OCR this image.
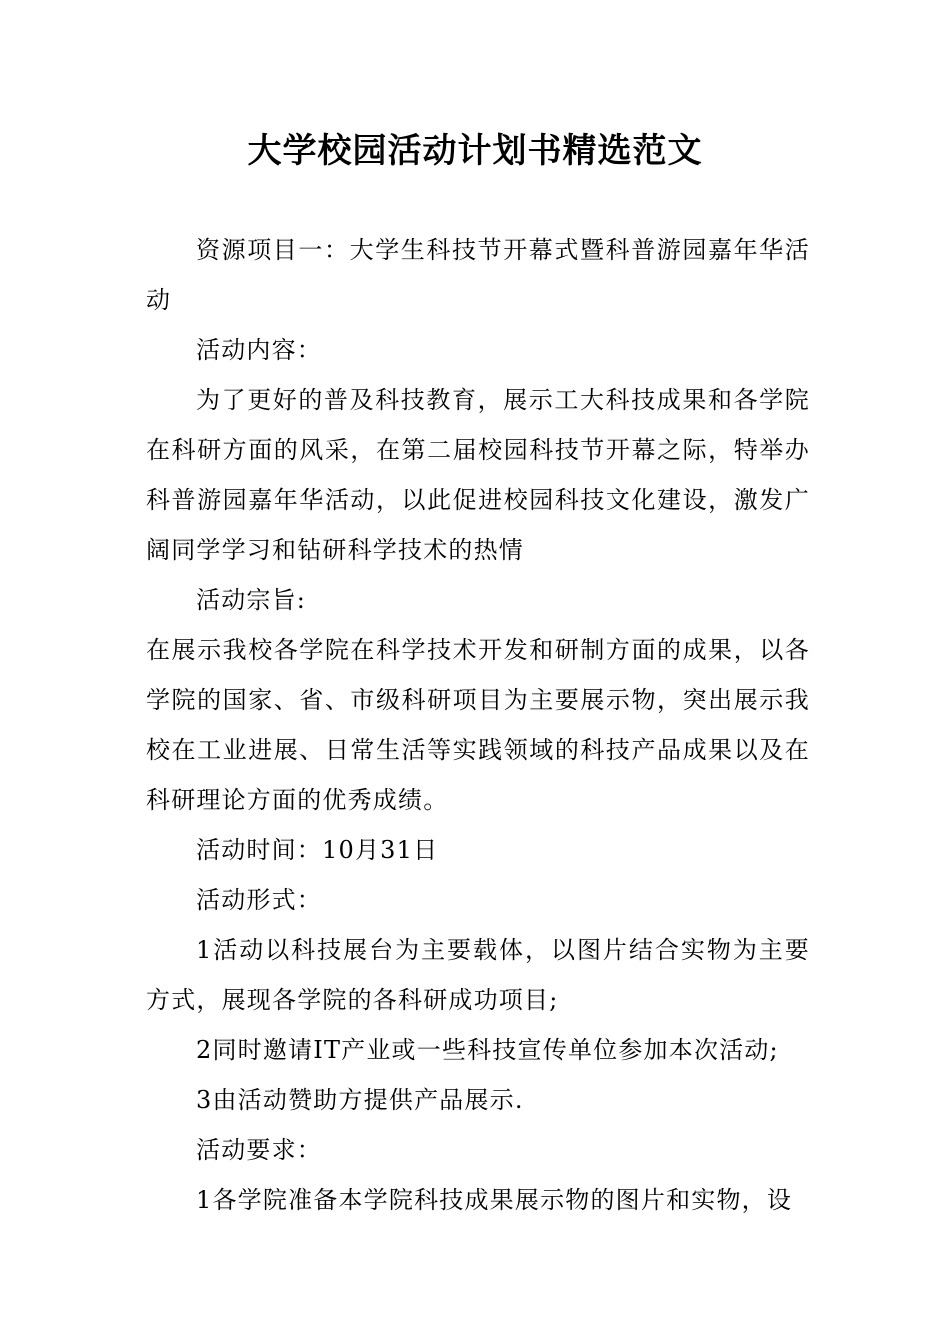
大学校园活动计划书精选范文

资源项目一：大学生科技节开幕式暨科普游园嘉年华活动

活动内容：

为了更好的普及科技教育，展示工大科技成果和各学院在科研方面的风采，在第二届校园科技节开幕之际，特举办科普游园嘉年华活动，以此促进校园科技文化建设，激发广阔同学学习和钻研科学技术的热情

活动宗旨:

在展示我校各学院在科学技术开发和研制方面的成果，以各学院的国家、省、市级科研项目为主要展示物，突出展示我校在工业进展、日常生活等实践领域的科技产品成果以及在科研理论方面的优秀成绩。

活动时间：10月31日

活动形式：

1活动以科技展台为主要载体，以图片结合实物为主要方式，展现各学院的各科研成功项目;

2同时邀请IT产业或一些科技宣传单位参加本次活动;

3由活动赞助方提供产品展示.

活动要求：

1各学院准备本学院科技成果展示物的图片和实物，设
